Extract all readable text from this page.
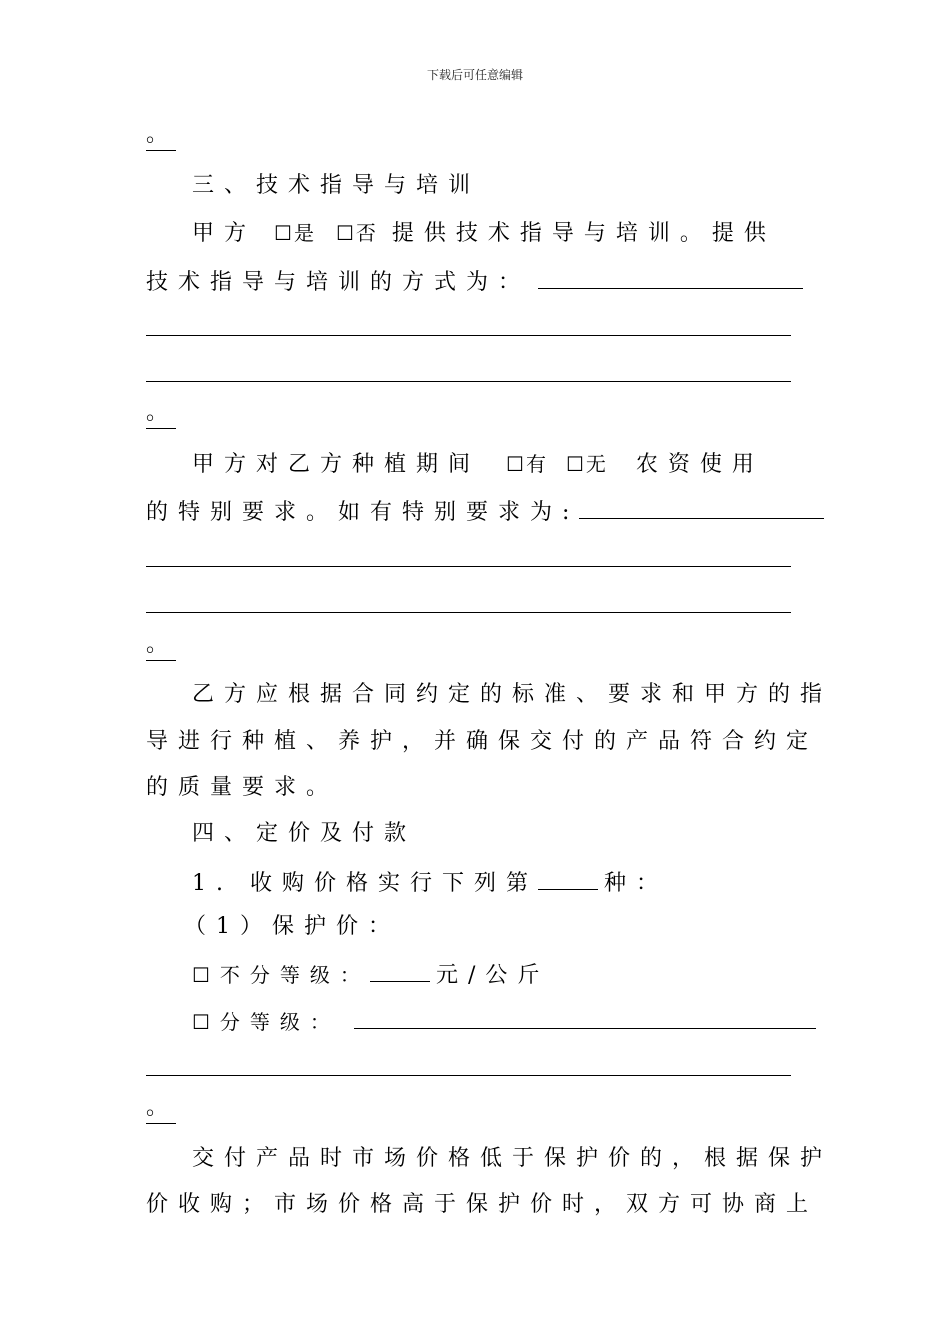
下载后可任意编辑
。
三、技术指导与培训
甲方 ☐是 ☐否 提供技术指导与培训。提供
技术指导与培训的方式为：
。
甲方对乙方种植期间 ☐有 ☐无 农资使用
的特别要求。如有特别要求为:
。
乙方应根据合同约定的标准、要求和甲方的指
导进行种植、养护，并确保交付的产品符合约定
的质量要求。
四、定价及付款
1. 收购价格实行下列第	种：
（1）保护价：
☐不分等级：	元/公斤
☐分等级：
。
交付产品时市场价格低于保护价的，根据保护
价收购；市场价格高于保护价时，双方可协商上
